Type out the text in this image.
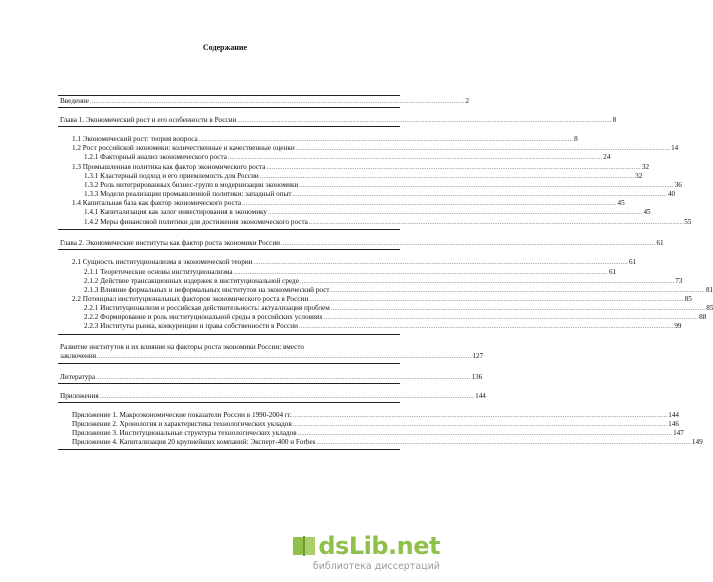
Содержание
Введение .....	2
Глава 1. Экономический рост и его особенности в России .....	8
1.1 Экономический рост: теория вопроса .....	8
1.2 Рост российской экономики: количественные и качественные оценки .....	14
1.2.1 Факторный анализ экономического роста .....	24
1.3 Промышленная политика как фактор экономического роста .....	32
1.3.1 Кластерный подход и его приемлемость для России .....	32
1.3.2 Роль интегрированных бизнес-групп в модернизации экономики .....	36
1.3.3 Модели реализации промышленной политики: западный опыт .....	40
1.4 Капитальная база как фактор экономического роста .....	45
1.4.1 Капитализация как залог инвестирования в экономику .....	45
1.4.2 Меры финансовой политики для достижения экономического роста .....	55
Глава 2. Экономические институты как фактор роста экономики России .....	61
2.1 Сущность институционализма в экономической теории .....	61
2.1.1 Теоретические основы институционализма .....	61
2.1.2 Действие трансакционных издержек в институциональной среде .....	73
2.1.3 Влияние формальных и неформальных институтов на экономический рост .....	81
2.2 Потенциал институциональных факторов экономического роста в России .....	85
2.2.1 Институционализм и российская действительность: актуализация проблем .....	85
2.2.2 Формирование и роль институциональной среды в российских условиях .....	88
2.2.3 Институты рынка, конкуренции и права собственности в России .....	99
Развитие институтов и их влияние на факторы роста экономики России: вместо
заключения .....	127
Литература .....	136
Приложения .....	144
Приложение 1. Макроэкономические показатели России в 1990-2004 гг. .....	144
Приложение 2. Хронология и характеристика технологических укладов .....	146
Приложение 3. Институциональные структуры технологических укладов .....	147
Приложение 4. Капитализация 20 крупнейших компаний: Эксперт-400 и Forbes .....	149
dsLib.net
библиотека диссертаций
